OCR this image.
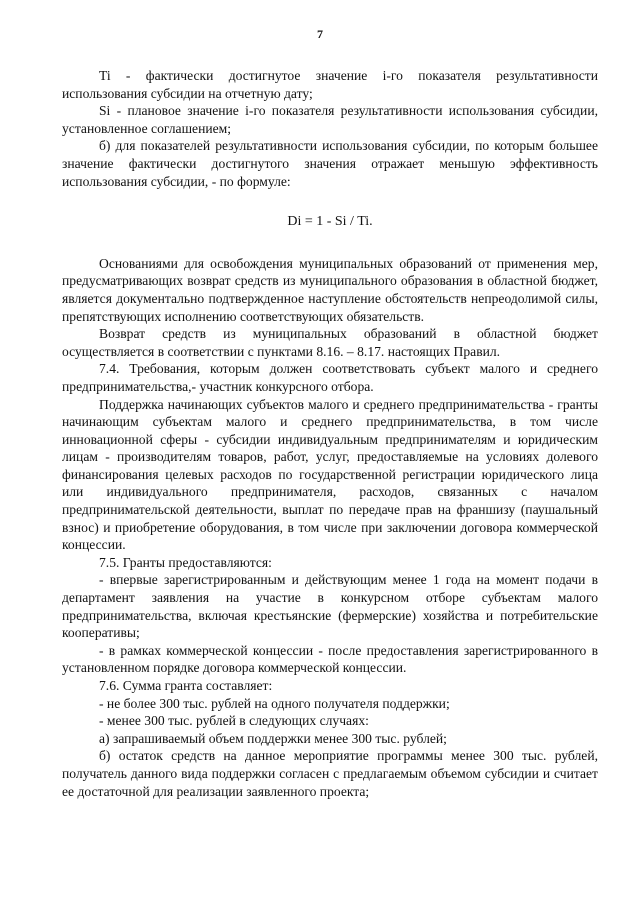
7

Ti - фактически достигнутое значение i-го показателя результативности использования субсидии на отчетную дату;

Si - плановое значение i-го показателя результативности использования субсидии, установленное соглашением;

б) для показателей результативности использования субсидии, по которым большее значение фактически достигнутого значения отражает меньшую эффективность использования субсидии, - по формуле:

Di = 1 - Si / Ti.

Основаниями для освобождения муниципальных образований от применения мер, предусматривающих возврат средств из муниципального образования в областной бюджет, является документально подтвержденное наступление обстоятельств непреодолимой силы, препятствующих исполнению соответствующих обязательств.

Возврат средств из муниципальных образований в областной бюджет осуществляется в соответствии с пунктами 8.16. – 8.17. настоящих Правил.

7.4. Требования, которым должен соответствовать субъект малого и среднего предпринимательства,- участник конкурсного отбора.

Поддержка начинающих субъектов малого и среднего предпринимательства - гранты начинающим субъектам малого и среднего предпринимательства, в том числе инновационной сферы - субсидии индивидуальным предпринимателям и юридическим лицам - производителям товаров, работ, услуг, предоставляемые на условиях долевого финансирования целевых расходов по государственной регистрации юридического лица или индивидуального предпринимателя, расходов, связанных с началом предпринимательской деятельности, выплат по передаче прав на франшизу (паушальный взнос) и приобретение оборудования, в том числе при заключении договора коммерческой концессии.

7.5. Гранты предоставляются:

- впервые зарегистрированным и действующим менее 1 года на момент подачи в департамент заявления на участие в конкурсном отборе субъектам малого предпринимательства, включая крестьянские (фермерские) хозяйства и потребительские кооперативы;

- в рамках коммерческой концессии - после предоставления зарегистрированного в установленном порядке договора коммерческой концессии.

7.6. Сумма гранта составляет:

- не более 300 тыс. рублей на одного получателя поддержки;

- менее 300 тыс. рублей в следующих случаях:

а) запрашиваемый объем поддержки менее 300 тыс. рублей;

б) остаток средств на данное мероприятие программы менее 300 тыс. рублей, получатель данного вида поддержки согласен с предлагаемым объемом субсидии и считает ее достаточной для реализации заявленного проекта;
